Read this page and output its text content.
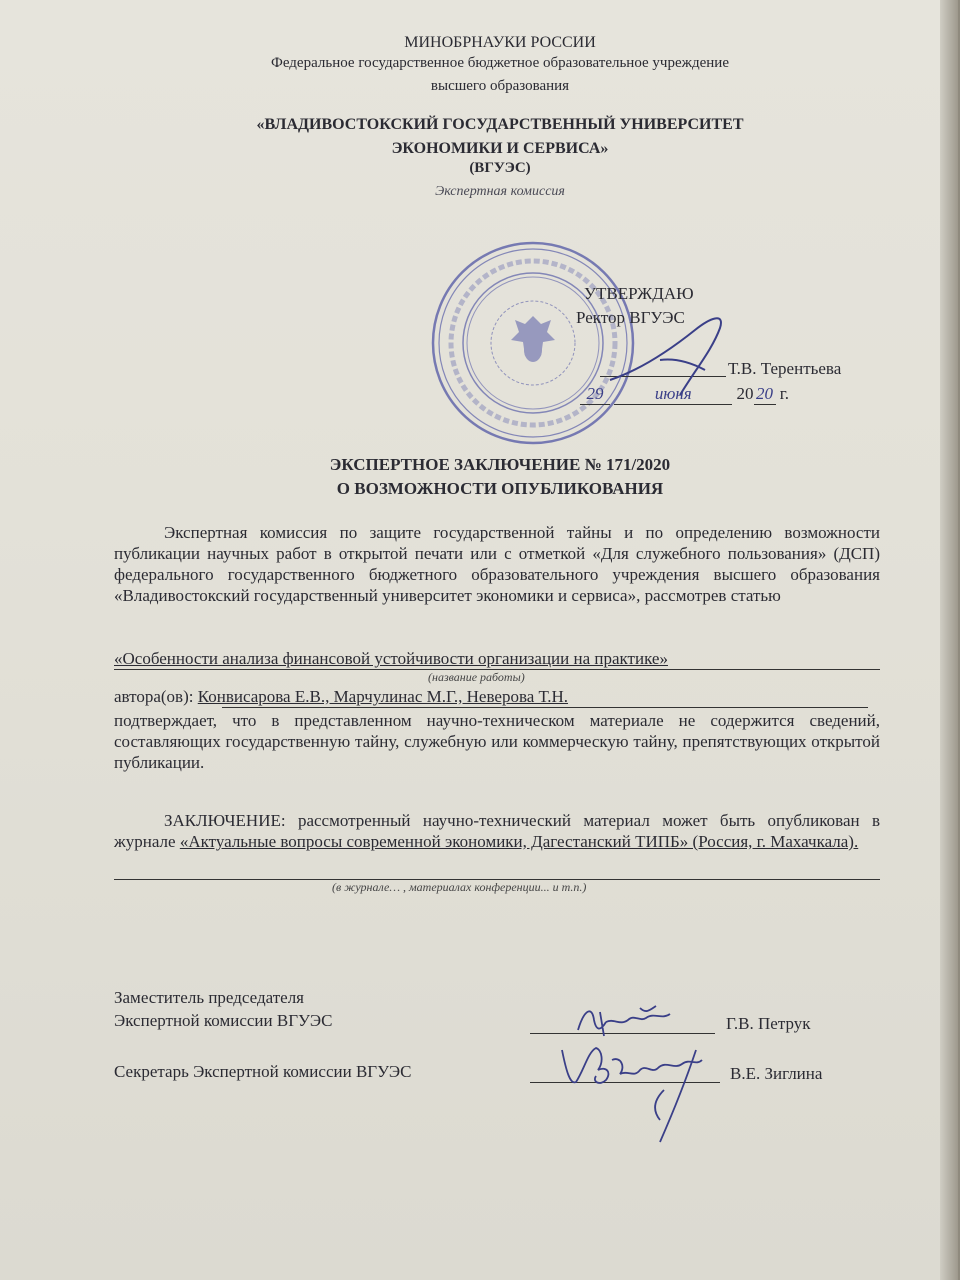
МИНОБРНАУКИ РОССИИ
Федеральное государственное бюджетное образовательное учреждение
высшего образования
«ВЛАДИВОСТОКСКИЙ ГОСУДАРСТВЕННЫЙ УНИВЕРСИТЕТ
ЭКОНОМИКИ И СЕРВИСА»
(ВГУЭС)
Экспертная комиссия
УТВЕРЖДАЮ
Ректор ВГУЭС
Т.В. Терентьева
29	июня	20 20 г.
ЭКСПЕРТНОЕ ЗАКЛЮЧЕНИЕ № 171/2020
О ВОЗМОЖНОСТИ ОПУБЛИКОВАНИЯ
Экспертная комиссия по защите государственной тайны и по определению возможности публикации научных работ в открытой печати или с отметкой «Для служебного пользования» (ДСП) федерального государственного бюджетного образовательного учреждения высшего образования «Владивостокский государственный университет экономики и сервиса», рассмотрев статью
«Особенности анализа финансовой устойчивости организации на практике»
(название работы)
автора(ов): Конвисарова Е.В., Марчулинас М.Г., Неверова Т.Н.
подтверждает, что в представленном научно-техническом материале не содержится сведений, составляющих государственную тайну, служебную или коммерческую тайну, препятствующих открытой публикации.
ЗАКЛЮЧЕНИЕ: рассмотренный научно-технический материал может быть опубликован в журнале «Актуальные вопросы современной экономики, Дагестанский ТИПБ» (Россия, г. Махачкала).
(в журнале… , материалах конференции... и т.п.)
Заместитель председателя
Экспертной комиссии ВГУЭС	Г.В. Петрук
Секретарь Экспертной комиссии ВГУЭС	В.Е. Зиглина
